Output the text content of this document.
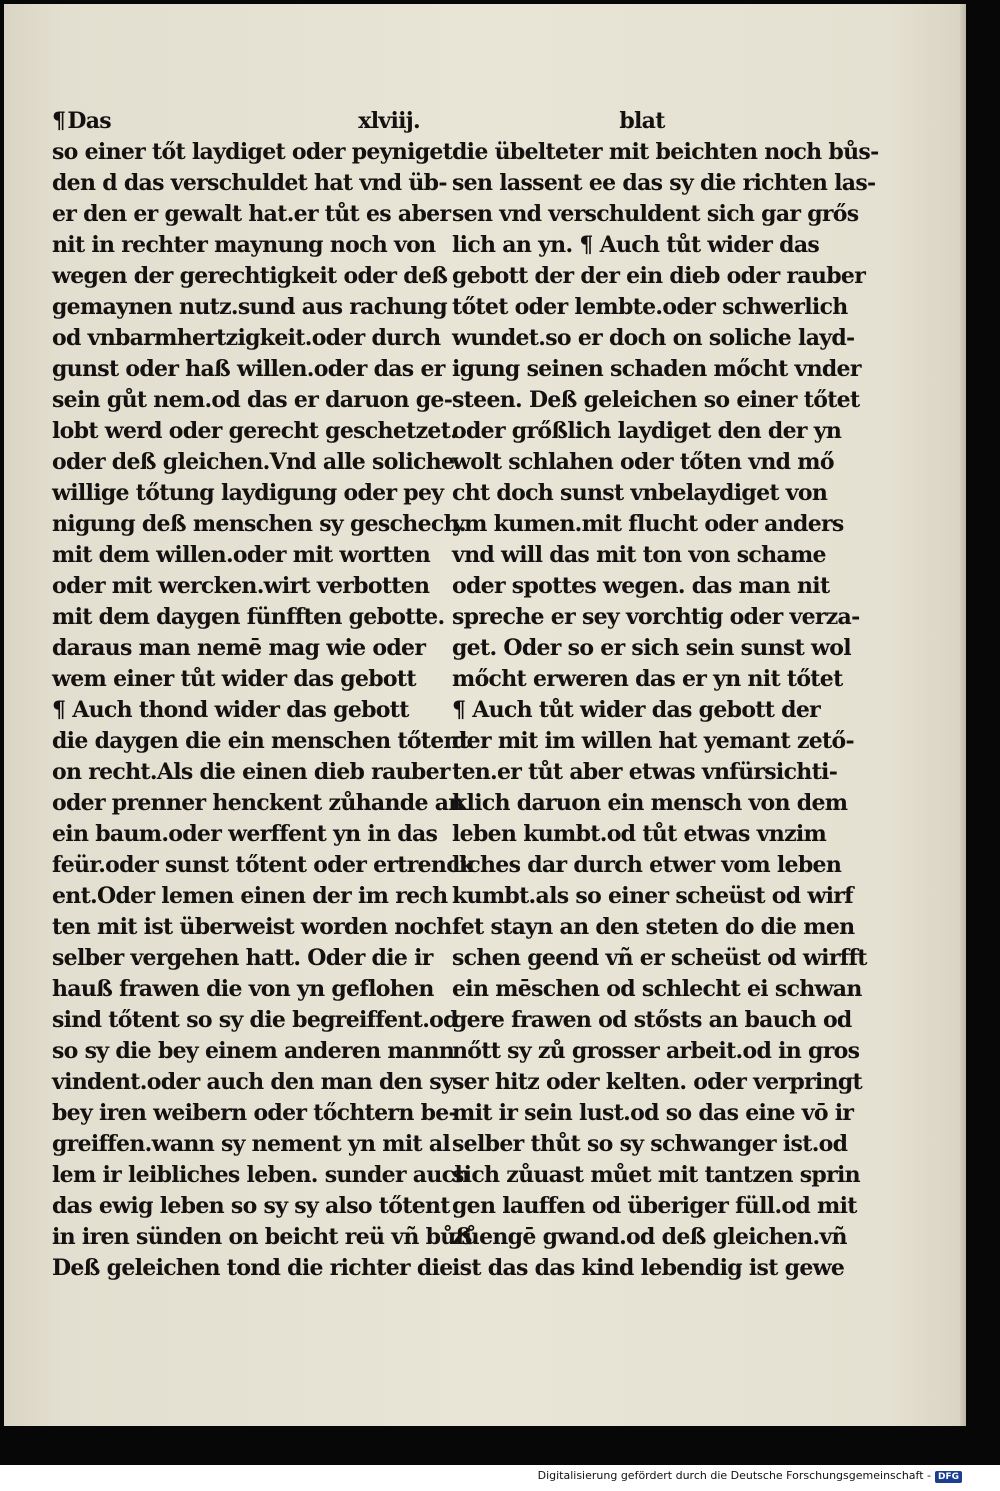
¶Das	xlviij.
so einer tőt laydiget oder peyniget
den d das verschuldet hat vnd üb-
er den er gewalt hat.er tůt es aber
nit in rechter maynung noch von
wegen der gerechtigkeit oder deß
gemaynen nutz.sund aus rachung
od vnbarmhertzigkeit.oder durch
gunst oder haß willen.oder das er
sein gůt nem.od das er daruon ge-
lobt werd oder gerecht geschetzet.
oder deß gleichen.Vnd alle soliche
willige tőtung laydigung oder pey
nigung deß menschen sy geschech.
mit dem willen.oder mit wortten
oder mit wercken.wirt verbotten
mit dem daygen fünfften gebotte.
daraus man nemē mag wie oder
wem einer tůt wider das gebott
¶ Auch thond wider das gebott
die daygen die ein menschen tőtent
on recht.Als die einen dieb rauber
oder prenner henckent zůhande an
ein baum.oder werffent yn in das
feür.oder sunst tőtent oder ertrenck
ent.Oder lemen einen der im rech
ten mit ist überweist worden noch
selber vergehen hatt. Oder die ir
hauß frawen die von yn geflohen
sind tőtent so sy die begreiffent.od
so sy die bey einem anderen mann
vindent.oder auch den man den sy
bey iren weibern oder tőchtern be-
greiffen.wann sy nement yn mit al
lem ir leibliches leben. sunder auch
das ewig leben so sy sy also tőtent
in iren sünden on beicht reü vñ bůß
Deß geleichen tond die richter die
blat
die übelteter mit beichten noch bůs-
sen lassent ee das sy die richten las-
sen vnd verschuldent sich gar grős
lich an yn. ¶ Auch tůt wider das
gebott der der ein dieb oder rauber
tőtet oder lembte.oder schwerlich
wundet.so er doch on soliche layd-
igung seinen schaden mőcht vnder
steen. Deß geleichen so einer tőtet
oder grőßlich laydiget den der yn
wolt schlahen oder tőten vnd mő
cht doch sunst vnbelaydiget von
ym kumen.mit flucht oder anders
vnd will das mit ton von schame
oder spottes wegen. das man nit
spreche er sey vorchtig oder verza-
get. Oder so er sich sein sunst wol
mőcht erweren das er yn nit tőtet
¶ Auch tůt wider das gebott der
der mit im willen hat yemant zető-
ten.er tůt aber etwas vnfürsichti-
klich daruon ein mensch von dem
leben kumbt.od tůt etwas vnzim
liches dar durch etwer vom leben
kumbt.als so einer scheüst od wirf
fet stayn an den steten do die men
schen geend vñ er scheüst od wirfft
ein mēschen od schlecht ei schwan
gere frawen od stősts an bauch od
nőtt sy zů grosser arbeit.od in gros
ser hitz oder kelten. oder verpringt
mit ir sein lust.od so das eine vō ir
selber thůt so sy schwanger ist.od
sich zůuast můet mit tantzen sprin
gen lauffen od überiger füll.od mit
zůengē gwand.od deß gleichen.vñ
ist das das kind lebendig ist gewe
Digitalisierung gefördert durch die Deutsche Forschungsgemeinschaft - DFG
